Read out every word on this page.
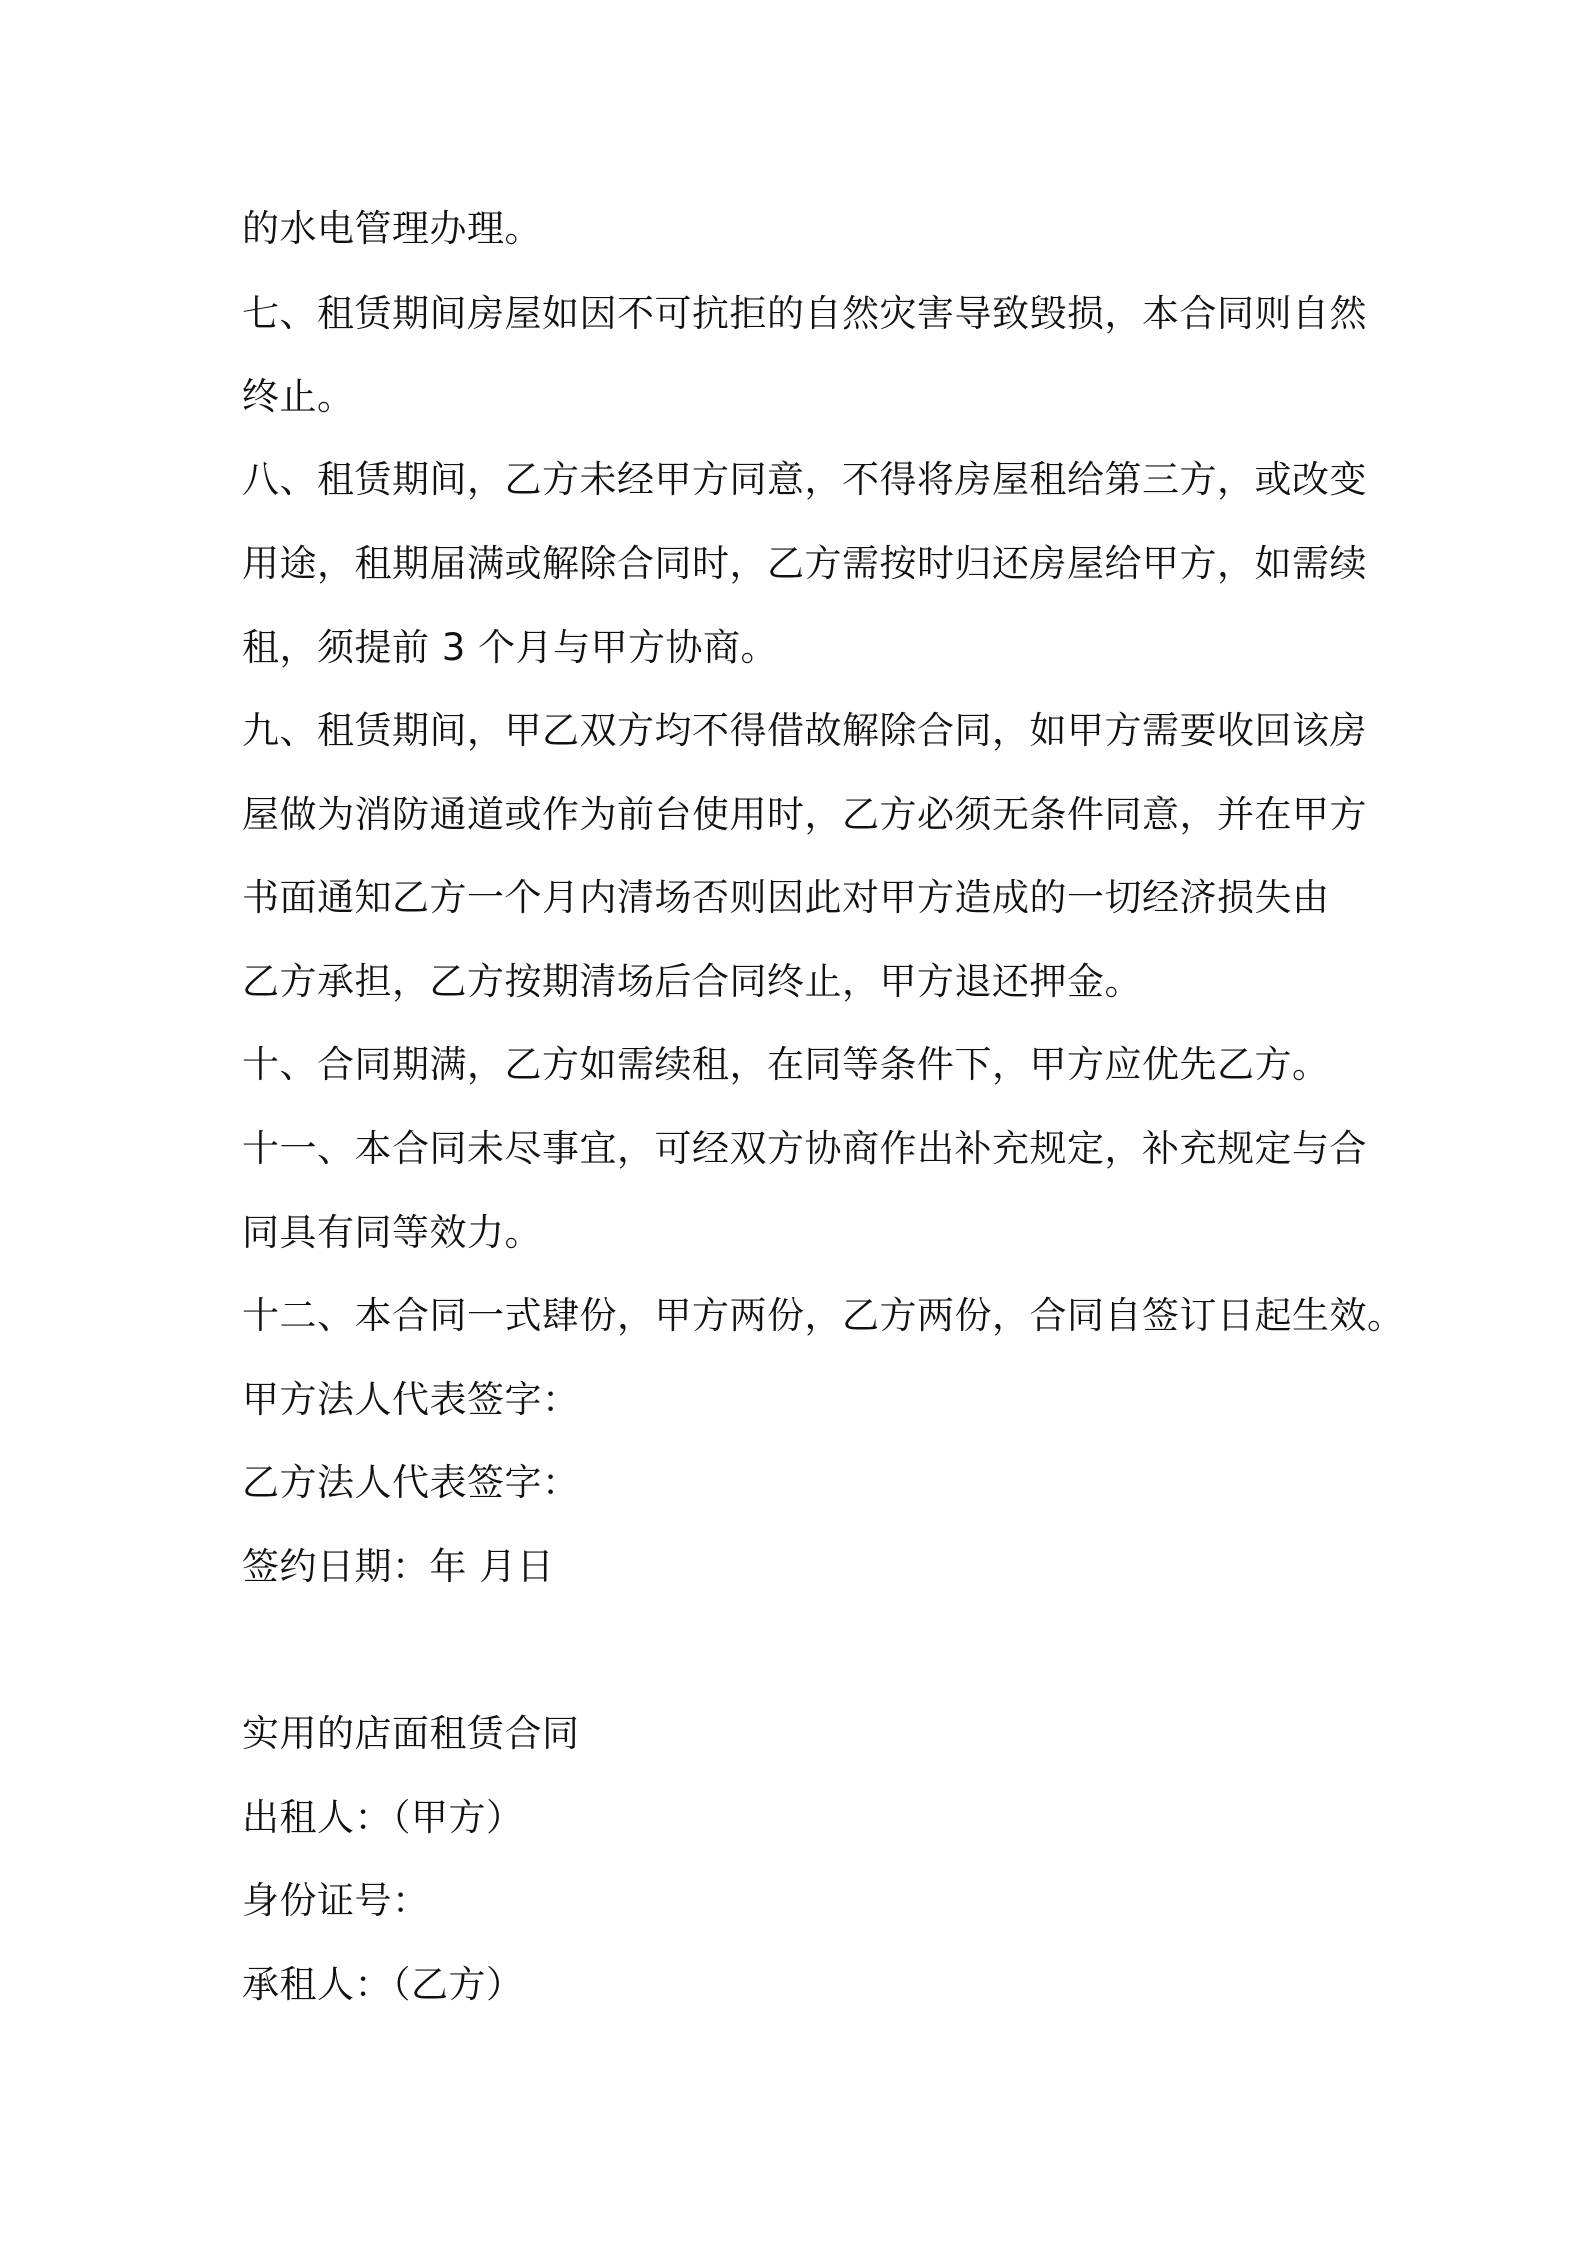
的水电管理办理。
七、租赁期间房屋如因不可抗拒的自然灾害导致毁损，本合同则自然
终止。
八、租赁期间，乙方未经甲方同意，不得将房屋租给第三方，或改变
用途，租期届满或解除合同时，乙方需按时归还房屋给甲方，如需续
租，须提前 3 个月与甲方协商。
九、租赁期间，甲乙双方均不得借故解除合同，如甲方需要收回该房
屋做为消防通道或作为前台使用时，乙方必须无条件同意，并在甲方
书面通知乙方一个月内清场否则因此对甲方造成的一切经济损失由
乙方承担，乙方按期清场后合同终止，甲方退还押金。
十、合同期满，乙方如需续租，在同等条件下，甲方应优先乙方。
十一、本合同未尽事宜，可经双方协商作出补充规定，补充规定与合
同具有同等效力。
十二、本合同一式肆份，甲方两份，乙方两份，合同自签订日起生效。
甲方法人代表签字：
乙方法人代表签字：
签约日期：年 月日
实用的店面租赁合同
出租人：（甲方）
身份证号：
承租人：（乙方）
